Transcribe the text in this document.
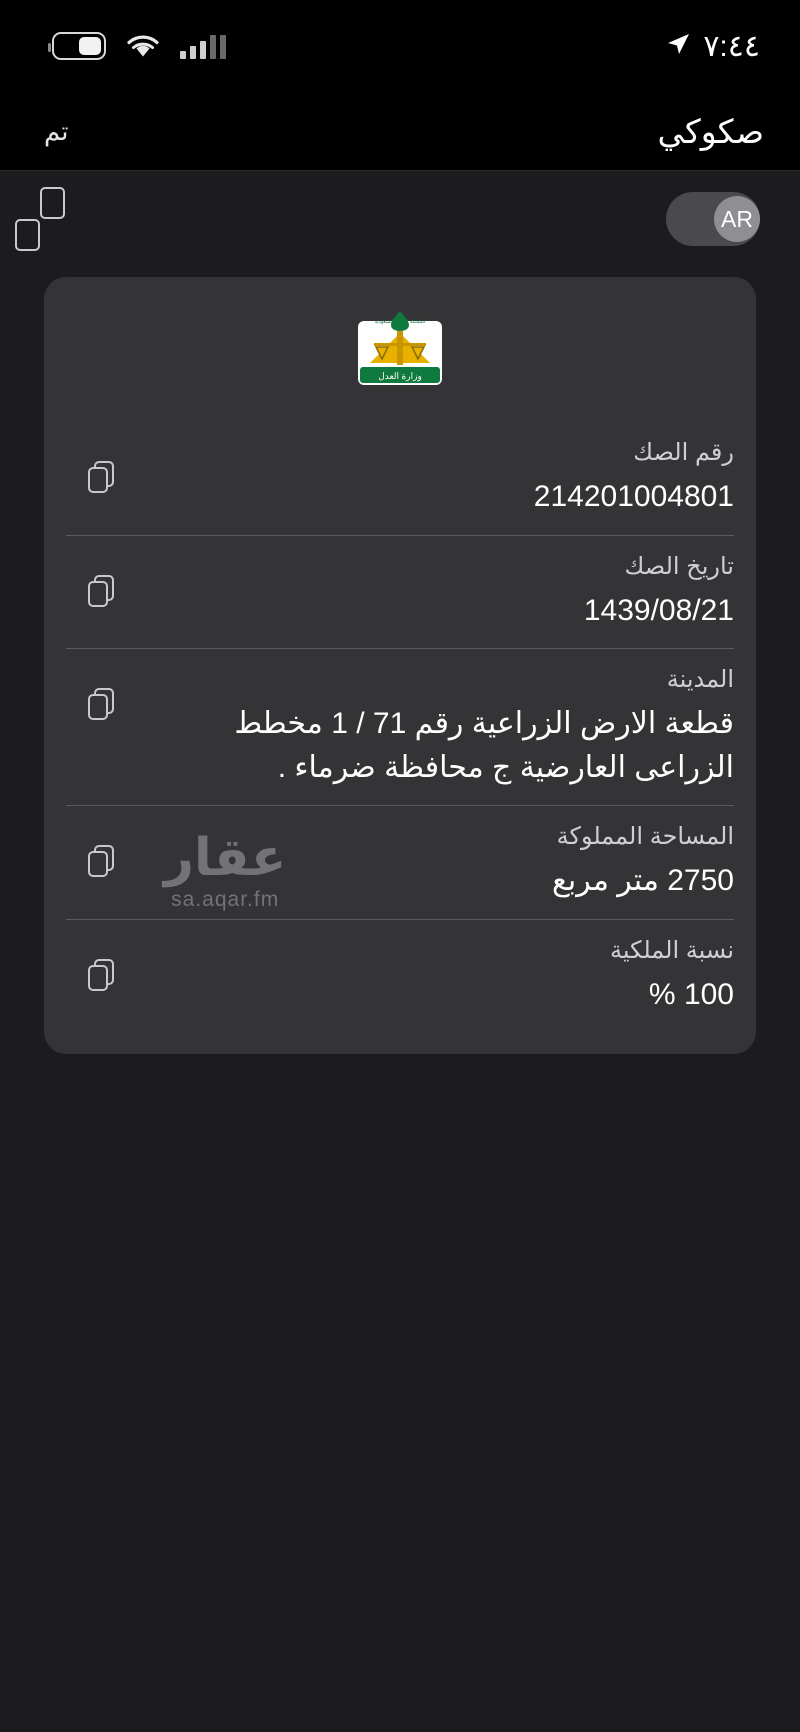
٧:٤٤
صكوكي
تم
AR
وزارة العدل
المملكة العربية السعودية
رقم الصك
214201004801
تاريخ الصك
1439/08/21
المدينة
قطعة الارض الزراعية رقم 71 / 1 مخطط الزراعى العارضية ج محافظة ضرماء .
المساحة المملوكة
2750 متر مربع
نسبة الملكية
100 %
عقار
sa.aqar.fm
